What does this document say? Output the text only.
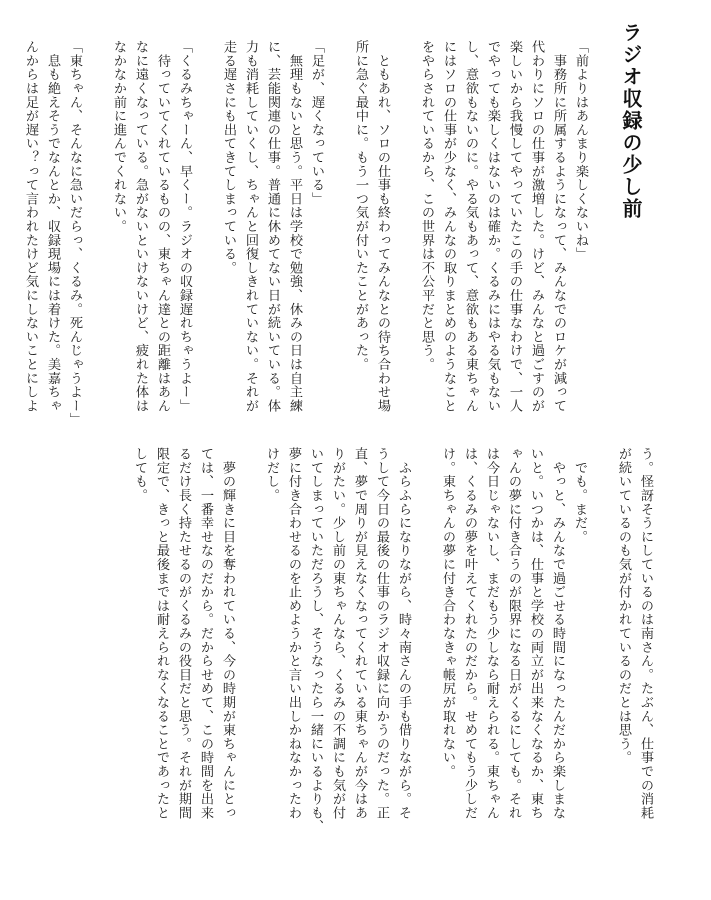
ラジオ収録の少し前

「前よりはあんまり楽しくないね」
　事務所に所属するようになって、みんなでのロケが減って
代わりにソロの仕事が激増した。けど、みんなと過ごすのが
楽しいから我慢してやっていたこの手の仕事なわけで、一人
でやっても楽しくはないのは確か。くるみにはやる気もない
し、意欲もないのに。やる気もあって、意欲もある東ちゃん
にはソロの仕事が少なく、みんなの取りまとめのようなこと
をやらされているから、この世界は不公平だと思う。

　ともあれ、ソロの仕事も終わってみんなとの待ち合わせ場
所に急ぐ最中に。もう一つ気が付いたことがあった。

「足が、遅くなっている」
　無理もないと思う。平日は学校で勉強、休みの日は自主練
に、芸能関連の仕事。普通に休めてない日が続いている。体
力も消耗していくし、ちゃんと回復しきれていない。それが
走る遅さにも出てきてしまっている。

「くるみちゃーん、早くー。ラジオの収録遅れちゃうよー」
　待っていてくれているものの、東ちゃん達との距離はあん
なに遠くなっている。急がないといけないけど、疲れた体は
なかなか前に進んでくれない。

「東ちゃん、そんなに急いだらっ、くるみ。死んじゃうよー」
　息も絶えそうでなんとか、収録現場には着けた。美嘉ちゃ
んからは足が遅い？って言われたけど気にしないことにしよ

う。怪訝そうにしているのは南さん。たぶん、仕事での消耗
が続いているのも気が付かれているのだとは思う。

　でも。まだ。
　やっと、みんなで過ごせる時間になったんだから楽しまな
いと。いつかは、仕事と学校の両立が出来なくなるか、東ち
ゃんの夢に付き合うのが限界になる日がくるにしても。それ
は今日じゃないし、まだもう少しなら耐えられる。東ちゃん
は、くるみの夢を叶えてくれたのだから。せめてもう少しだ
け。東ちゃんの夢に付き合わなきゃ帳尻が取れない。

　ふらふらになりながら、時々南さんの手も借りながら。そ
うして今日の最後の仕事のラジオ収録に向かうのだった。正
直、夢で周りが見えなくなってくれている東ちゃんが今はあ
りがたい。少し前の東ちゃんなら、くるみの不調にも気が付
いてしまっていただろうし、そうなったら一緒にいるよりも、
夢に付き合わせるのを止めようかと言い出しかねなかったわ
けだし。

　夢の輝きに目を奪われている、今の時期が東ちゃんにとっ
ては、一番幸せなのだから。だからせめて、この時間を出来
るだけ長く持たせるのがくるみの役目だと思う。それが期間
限定で、きっと最後までは耐えられなくなることであったと
しても。
